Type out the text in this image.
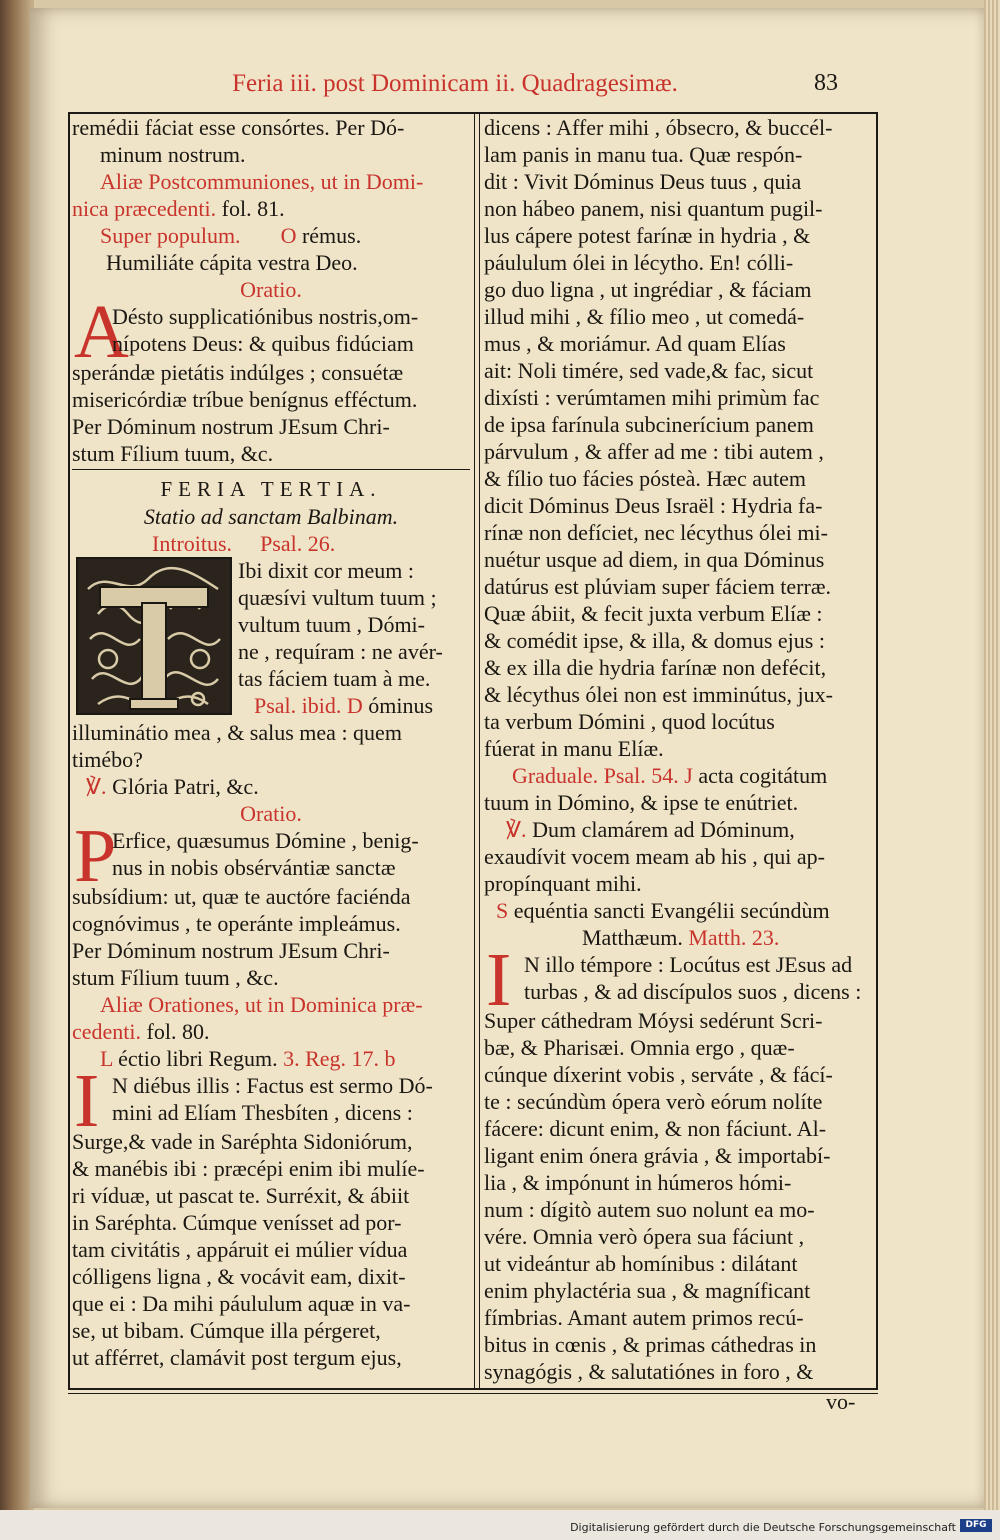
Feria iii. post Dominicam ii. Quadragesimæ.	83
remédii fáciat esse consórtes. Per Dó-
minum nostrum.
Aliæ Postcommuniones, ut in Domi-
nica præcedenti. fol. 81.
Super populum. O rémus.
Humiliáte cápita vestra Deo.
Oratio.
A
Désto supplicatiónibus nostris,om-
nípotens Deus: & quibus fidúciam
sperándæ pietátis indúlges ; consuétæ
misericórdiæ tríbue benígnus efféctum.
Per Dóminum nostrum JEsum Chri-
stum Fílium tuum, &c.
FERIA TERTIA.
Statio ad sanctam Balbinam.
Introitus. Psal. 26.
Ibi dixit cor meum :
quæsívi vultum tuum ;
vultum tuum , Dómi-
ne , requíram : ne avér-
tas fáciem tuam à me.
Psal. ibid. D óminus
illuminátio mea , & salus mea : quem
timébo?
℣. Glória Patri, &c.
Oratio.
P
Erfice, quæsumus Dómine , benig-
nus in nobis obsérvántiæ sanctæ
subsídium: ut, quæ te auctóre faciénda
cognóvimus , te operánte impleámus.
Per Dóminum nostrum JEsum Chri-
stum Fílium tuum , &c.
Aliæ Orationes, ut in Dominica præ-
cedenti. fol. 80.
L éctio libri Regum. 3. Reg. 17. b
I N diébus illis : Factus est sermo Dó-
mini ad Elíam Thesbíten , dicens :
Surge,& vade in Saréphta Sidoniórum,
& manébis ibi : præcépi enim ibi mulíe-
ri víduæ, ut pascat te. Surréxit, & ábiit
in Saréphta. Cúmque venísset ad por-
tam civitátis , appáruit ei múlier vídua
cólligens ligna , & vocávit eam, dixit-
que ei : Da mihi páululum aquæ in va-
se, ut bibam. Cúmque illa pérgeret,
ut afférret, clamávit post tergum ejus,
dicens : Affer mihi , óbsecro, & buccél-
lam panis in manu tua. Quæ respón-
dit : Vivit Dóminus Deus tuus , quia
non hábeo panem, nisi quantum pugil-
lus cápere potest farínæ in hydria , &
páululum ólei in lécytho. En! cólli-
go duo ligna , ut ingrédiar , & fáciam
illud mihi , & fílio meo , ut comedá-
mus , & moriámur. Ad quam Elías
ait: Noli timére, sed vade,& fac, sicut
dixísti : verúmtamen mihi primùm fac
de ipsa farínula subcinerícium panem
párvulum , & affer ad me : tibi autem ,
& fílio tuo fácies pósteà. Hæc autem
dicit Dóminus Deus Israël : Hydria fa-
rínæ non defíciet, nec lécythus ólei mi-
nuétur usque ad diem, in qua Dóminus
datúrus est plúviam super fáciem terræ.
Quæ ábiit, & fecit juxta verbum Elíæ :
& comédit ipse, & illa, & domus ejus :
& ex illa die hydria farínæ non defécit,
& lécythus ólei non est imminútus, jux-
ta verbum Dómini , quod locútus
fúerat in manu Elíæ.
Graduale. Psal. 54. J acta cogitátum
tuum in Dómino, & ipse te enútriet.
℣. Dum clamárem ad Dóminum,
exaudívit vocem meam ab his , qui ap-
propínquant mihi.
S equéntia sancti Evangélii secúndùm
Matthæum. Matth. 23.
I N illo témpore : Locútus est JEsus ad
turbas , & ad discípulos suos , dicens :
Super cáthedram Móysi sedérunt Scri-
bæ, & Pharisæi. Omnia ergo , quæ-
cúnque díxerint vobis , serváte , & fácí-
te : secúndùm ópera verò eórum nolíte
fácere: dicunt enim, & non fáciunt. Al-
ligant enim ónera grávia , & importabí-
lia , & impónunt in húmeros hómi-
num : dígitò autem suo nolunt ea mo-
vére. Omnia verò ópera sua fáciunt ,
ut videántur ab homínibus : dilátant
enim phylactéria sua , & magníficant
fímbrias. Amant autem primos recú-
bitus in cœnis , & primas cáthedras in
synagógis , & salutatiónes in foro , &
vo-
Digitalisierung gefördert durch die Deutsche Forschungsgemeinschaft	DFG
